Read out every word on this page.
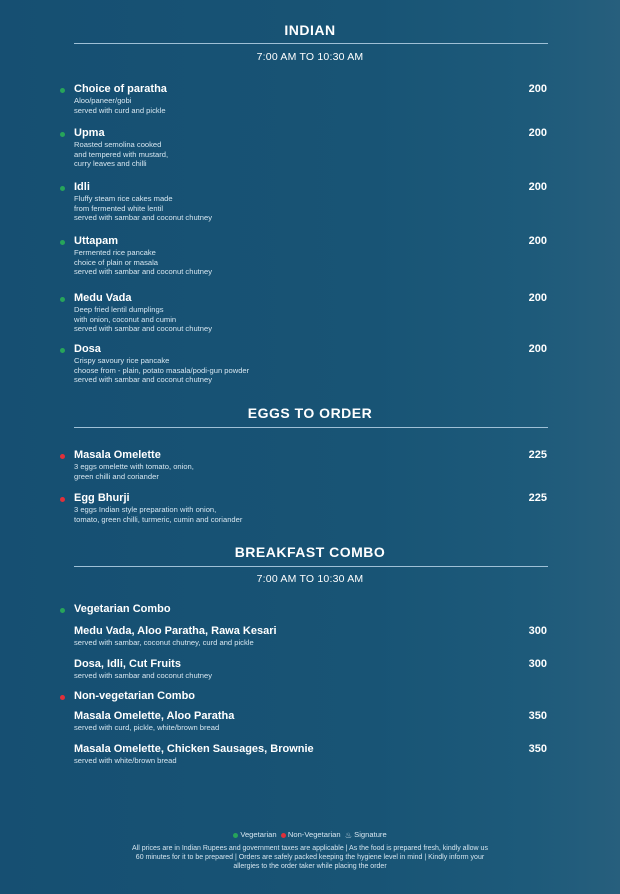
INDIAN
7:00 AM TO 10:30 AM
Choice of paratha
Aloo/paneer/gobi
served with curd and pickle
200
Upma
Roasted semolina cooked
and tempered with mustard,
curry leaves and chilli
200
Idli
Fluffy steam rice cakes made
from fermented white lentil
served with sambar and coconut chutney
200
Uttapam
Fermented rice pancake
choice of plain or masala
served with sambar and coconut chutney
200
Medu Vada
Deep fried lentil dumplings
with onion, coconut and cumin
served with sambar and coconut chutney
200
Dosa
Crispy savoury rice pancake
choose from - plain, potato masala/podi-gun powder
served with sambar and coconut chutney
200
EGGS TO ORDER
Masala Omelette
3 eggs omelette with tomato, onion,
green chilli and coriander
225
Egg Bhurji
3 eggs Indian style preparation with onion,
tomato, green chilli, turmeric, cumin and coriander
225
BREAKFAST COMBO
7:00 AM TO 10:30 AM
Vegetarian Combo
Non-vegetarian Combo
Medu Vada, Aloo Paratha, Rawa Kesari
served with sambar, coconut chutney, curd and pickle
300
Dosa, Idli, Cut Fruits
served with sambar and coconut chutney
300
Masala Omelette, Aloo Paratha
served with curd, pickle, white/brown bread
350
Masala Omelette, Chicken Sausages, Brownie
served with white/brown bread
350
Vegetarian Non-Vegetarian ♨ Signature
All prices are in Indian Rupees and government taxes are applicable | As the food is prepared fresh, kindly allow us
60 minutes for it to be prepared | Orders are safely packed keeping the hygiene level in mind | Kindly inform your
allergies to the order taker while placing the order
